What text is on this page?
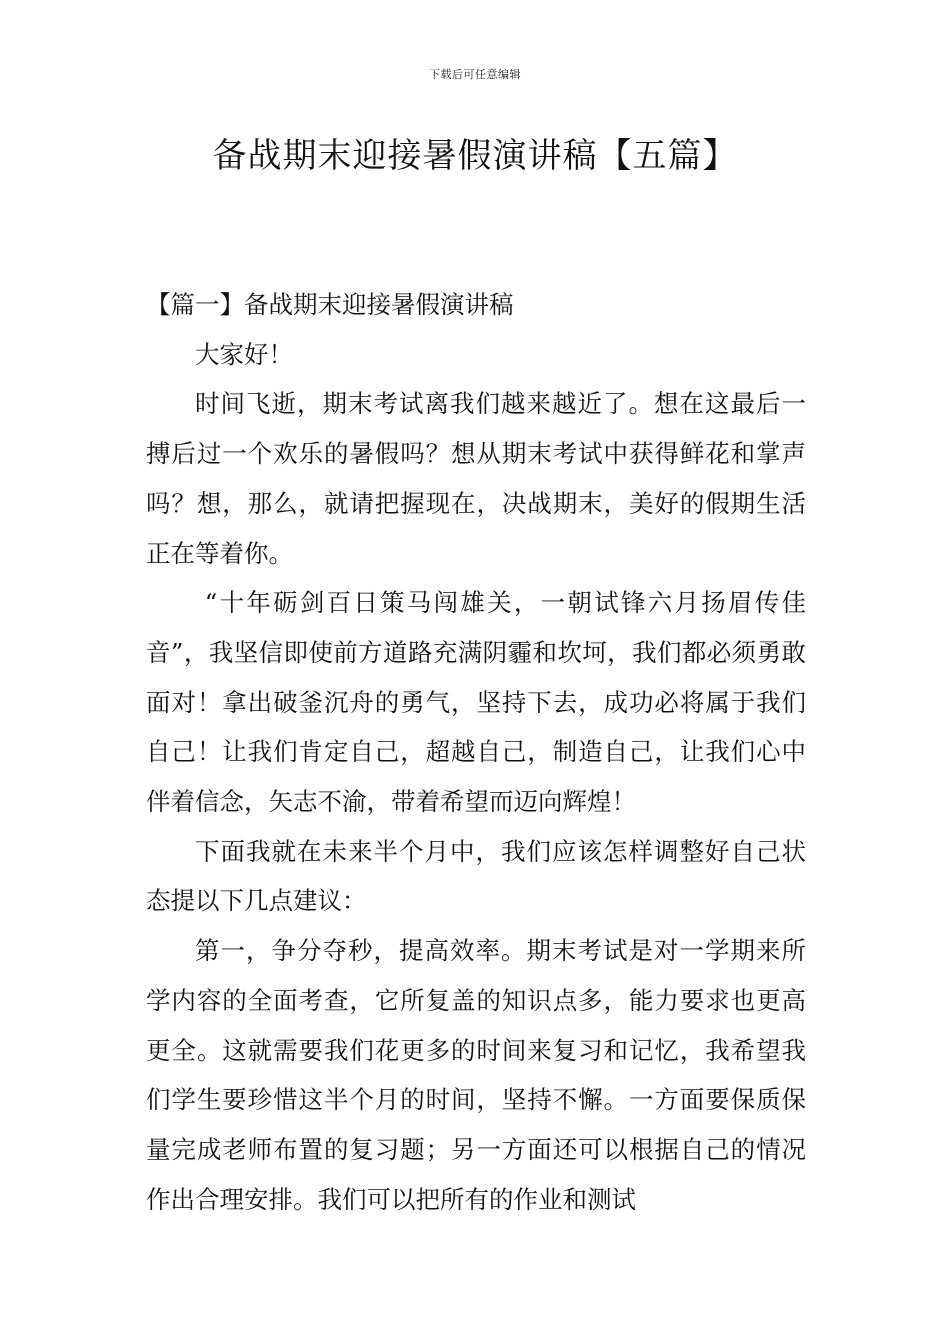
下载后可任意编辑
备战期末迎接暑假演讲稿【五篇】

【篇一】备战期末迎接暑假演讲稿

大家好！

时间飞逝，期末考试离我们越来越近了。想在这最后一搏后过一个欢乐的暑假吗？想从期末考试中获得鲜花和掌声吗？想，那么，就请把握现在，决战期末，美好的假期生活正在等着你。

“十年砺剑百日策马闯雄关，一朝试锋六月扬眉传佳音”，我坚信即使前方道路充满阴霾和坎坷，我们都必须勇敢面对！拿出破釜沉舟的勇气，坚持下去，成功必将属于我们自己！让我们肯定自己，超越自己，制造自己，让我们心中伴着信念，矢志不渝，带着希望而迈向辉煌！

下面我就在未来半个月中，我们应该怎样调整好自己状态提以下几点建议：

第一，争分夺秒，提高效率。期末考试是对一学期来所学内容的全面考查，它所复盖的知识点多，能力要求也更高更全。这就需要我们花更多的时间来复习和记忆，我希望我们学生要珍惜这半个月的时间，坚持不懈。一方面要保质保量完成老师布置的复习题；另一方面还可以根据自己的情况作出合理安排。我们可以把所有的作业和测试
